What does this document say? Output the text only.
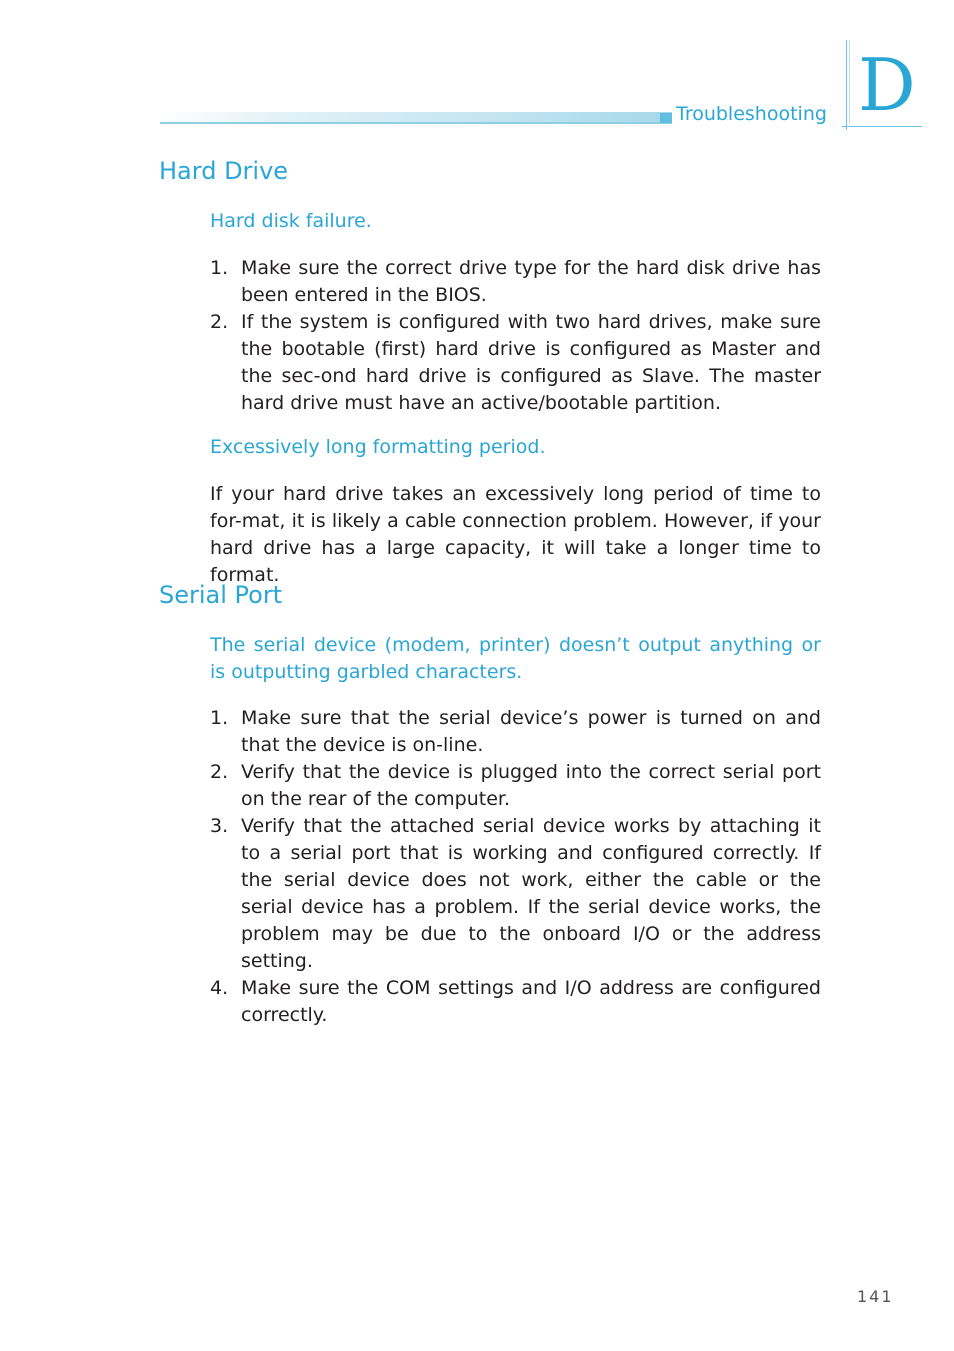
Troubleshooting D
Hard Drive
Hard disk failure.
1. Make sure the correct drive type for the hard disk drive has been entered in the BIOS.
2. If the system is configured with two hard drives, make sure the bootable (first) hard drive is configured as Master and the sec-ond hard drive is configured as Slave. The master hard drive must have an active/bootable partition.
Excessively long formatting period.

If your hard drive takes an excessively long period of time to for-mat, it is likely a cable connection problem. However, if your hard drive has a large capacity, it will take a longer time to format.

Serial Port
The serial device (modem, printer) doesn’t output anything or is outputting garbled characters.
1. Make sure that the serial device’s power is turned on and that the device is on-line.
2. Verify that the device is plugged into the correct serial port on the rear of the computer.
3. Verify that the attached serial device works by attaching it to a serial port that is working and configured correctly. If the serial device does not work, either the cable or the serial device has a problem. If the serial device works, the problem may be due to the onboard I/O or the address setting.
4. Make sure the COM settings and I/O address are configured correctly.
141
